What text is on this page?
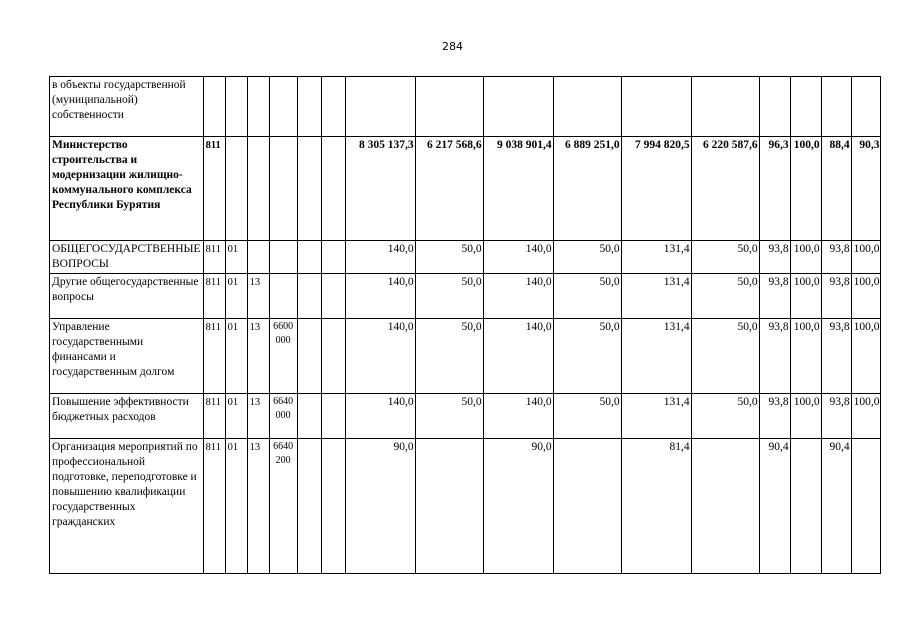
284
в объекты государственной (муниципальной) собственности																
Министерство строительства и модернизации жилищно-коммунального комплекса Республики Бурятия	811						8 305 137,3	6 217 568,6	9 038 901,4	6 889 251,0	7 994 820,5	6 220 587,6	96,3	100,0	88,4	90,3
ОБЩЕГОСУДАРСТВЕННЫЕ ВОПРОСЫ	811	01					140,0	50,0	140,0	50,0	131,4	50,0	93,8	100,0	93,8	100,0
Другие общегосударственные вопросы	811	01	13				140,0	50,0	140,0	50,0	131,4	50,0	93,8	100,0	93,8	100,0
Управление государственными финансами и государственным долгом	811	01	13	6600 000			140,0	50,0	140,0	50,0	131,4	50,0	93,8	100,0	93,8	100,0
Повышение эффективности бюджетных расходов	811	01	13	6640 000			140,0	50,0	140,0	50,0	131,4	50,0	93,8	100,0	93,8	100,0
Организация мероприятий по профессиональной подготовке, переподготовке и повышению квалификации государственных гражданских	811	01	13	6640 200			90,0		90,0		81,4		90,4		90,4	
